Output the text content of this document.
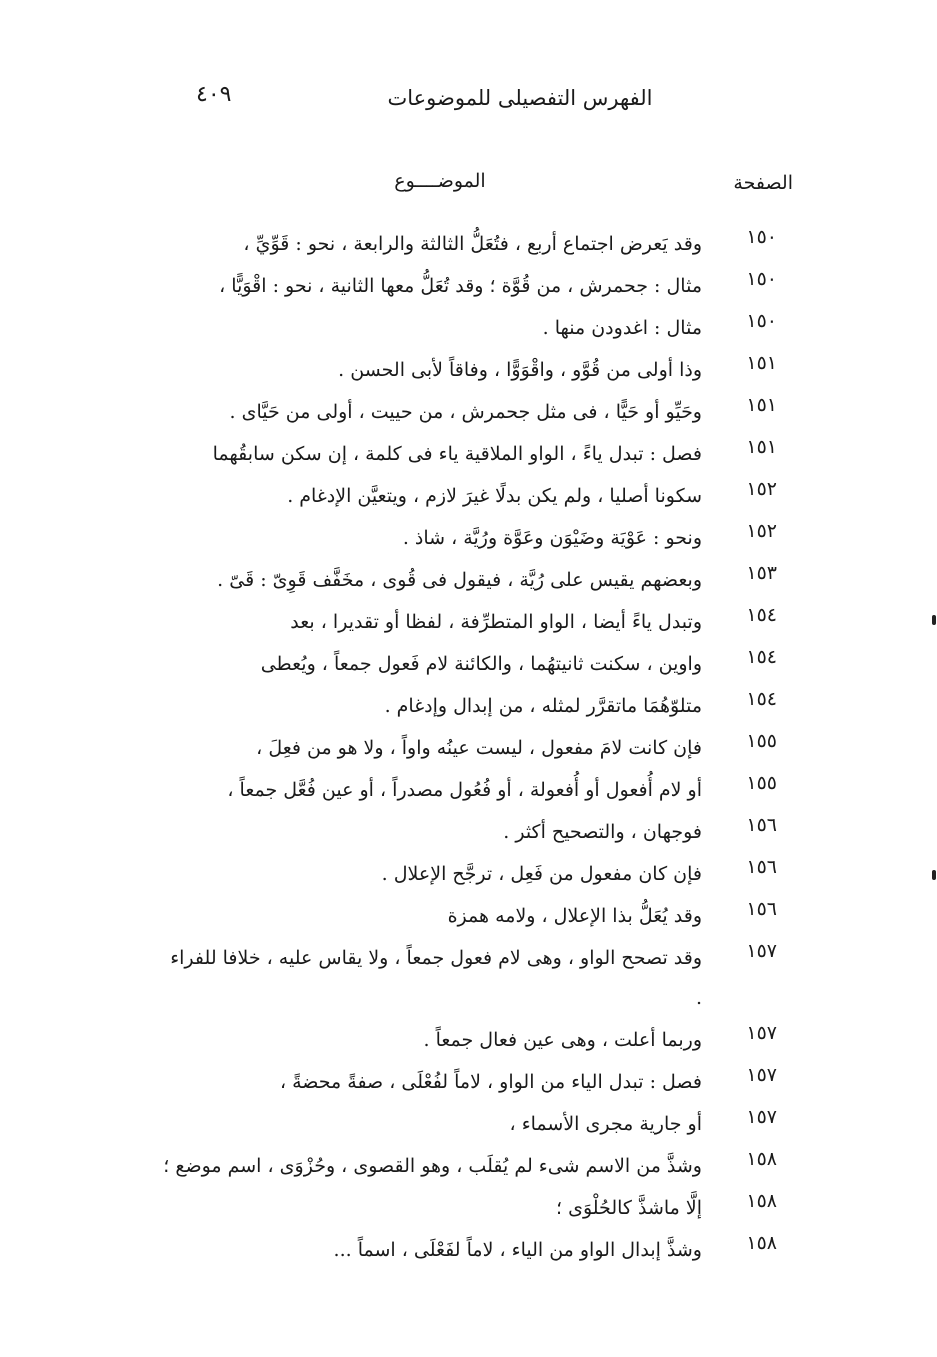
الفهرس التفصيلى للموضوعات
٤٠٩
الصفحة
الموضــــوع
١٥٠
وقد يَعرض اجتماع أربع ، فتُعَلُّ الثالثة والرابعة ، نحو : قَوِّيِّ ،
١٥٠
مثال : جحمرش ، من قُوَّة ؛ وقد تُعَلُّ معها الثانية ، نحو : اقْوَيًّا ،
١٥٠
مثال : اغدودن منها .
١٥١
وذا أولى من قُوَّو ، واقْوَوًّا ، وفاقاً لأبى الحسن .
١٥١
وحَيِّو أو حَيًّا ، فى مثل جحمرش ، من حييت ، أولى من حَيَّاى .
١٥١
فصل : تبدل ياءً ، الواو الملاقية ياء فى كلمة ، إن سكن سابقُهما
١٥٢
سكونا أصليا ، ولم يكن بدلًا غيرَ لازم ، ويتعيَّن الإدغام .
١٥٢
ونحو : عَوْيَة وضَيْوَن وعَوَّة ورُيَّة ، شاذ .
١٥٣
وبعضهم يقيس على رُيَّة ، فيقول فى قُوى ، مخَفَّف قَوِىّ : قَىّ .
١٥٤
وتبدل ياءً أيضا ، الواو المتطرِّفة ، لفظا أو تقديرا ، بعد
١٥٤
واوين ، سكنت ثانيتهُما ، والكائنة لام فَعول جمعاً ، ويُعطى
١٥٤
متلوّهُمَا ماتقرَّر لمثله ، من إبدال وإدغام .
١٥٥
فإن كانت لامَ مفعول ، ليست عينُه واواً ، ولا هو من فعِلَ ،
١٥٥
أو لام أُفعول أو أُفعولة ، أو فُعُول مصدراً ، أو عين فُعَّل جمعاً ،
١٥٦
فوجهان ، والتصحيح أكثر .
١٥٦
فإن كان مفعول من فَعِل ، ترجَّح الإعلال .
١٥٦
وقد يُعَلُّ بذا الإعلال ، ولامه همزة
١٥٧
وقد تصحح الواو ، وهى لام فعول جمعاً ، ولا يقاس عليه ، خلافا للفراء .
١٥٧
وربما أعلت ، وهى عين فعال جمعاً .
١٥٧
فصل : تبدل الياء من الواو ، لاماً لفُعْلَى ، صفةً محضةً ،
١٥٧
أو جارية مجرى الأسماء ،
١٥٨
وشذَّ من الاسم شىء لم يُقلَب ، وهو القصوى ، وحُزْوَى ، اسم موضع ؛
١٥٨
إلَّا ماشذَّ كالحُلْوَى ؛
١٥٨
وشذَّ إبدال الواو من الياء ، لاماً لفَعْلَى ، اسماً ...
